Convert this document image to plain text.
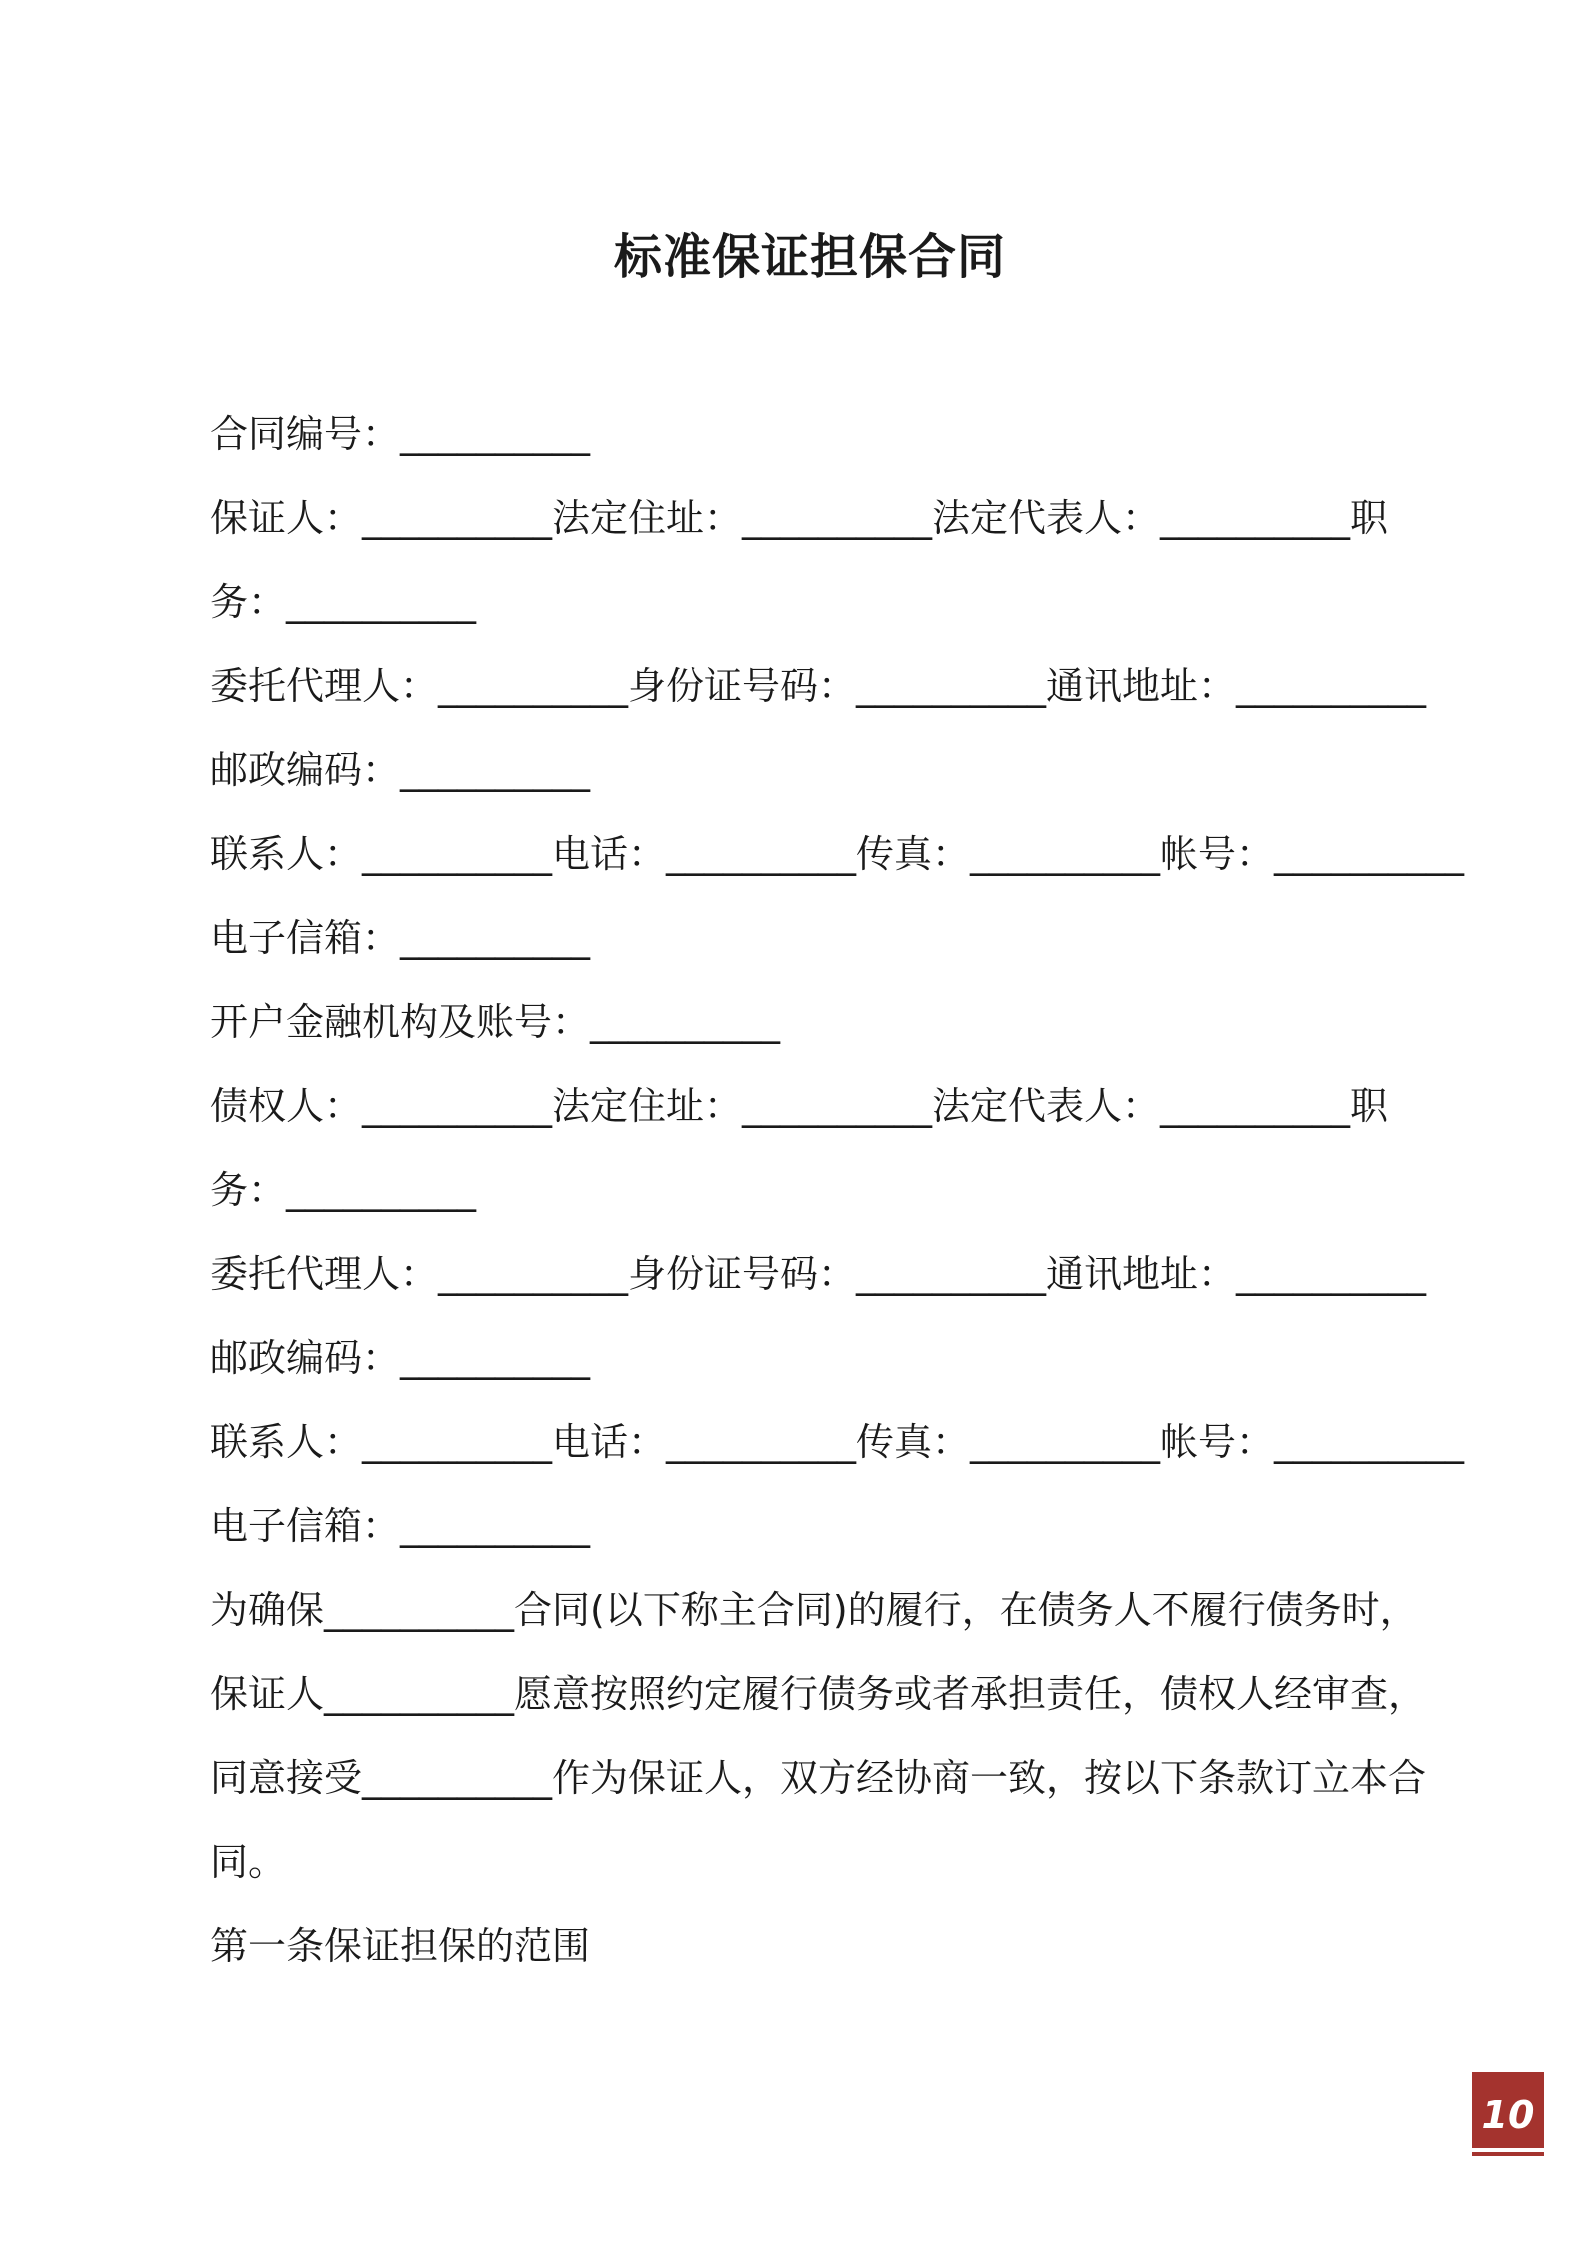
标准保证担保合同
合同编号：__________
保证人：__________法定住址：__________法定代表人：__________职
务：__________
委托代理人：__________身份证号码：__________通讯地址：__________
邮政编码：__________
联系人：__________电话：__________传真：__________帐号：__________
电子信箱：__________
开户金融机构及账号：__________
债权人：__________法定住址：__________法定代表人：__________职
务：__________
委托代理人：__________身份证号码：__________通讯地址：__________
邮政编码：__________
联系人：__________电话：__________传真：__________帐号：__________
电子信箱：__________
为确保__________合同(以下称主合同)的履行，在债务人不履行债务时，
保证人__________愿意按照约定履行债务或者承担责任，债权人经审查，
同意接受__________作为保证人，双方经协商一致，按以下条款订立本合
同。
第一条保证担保的范围
10
